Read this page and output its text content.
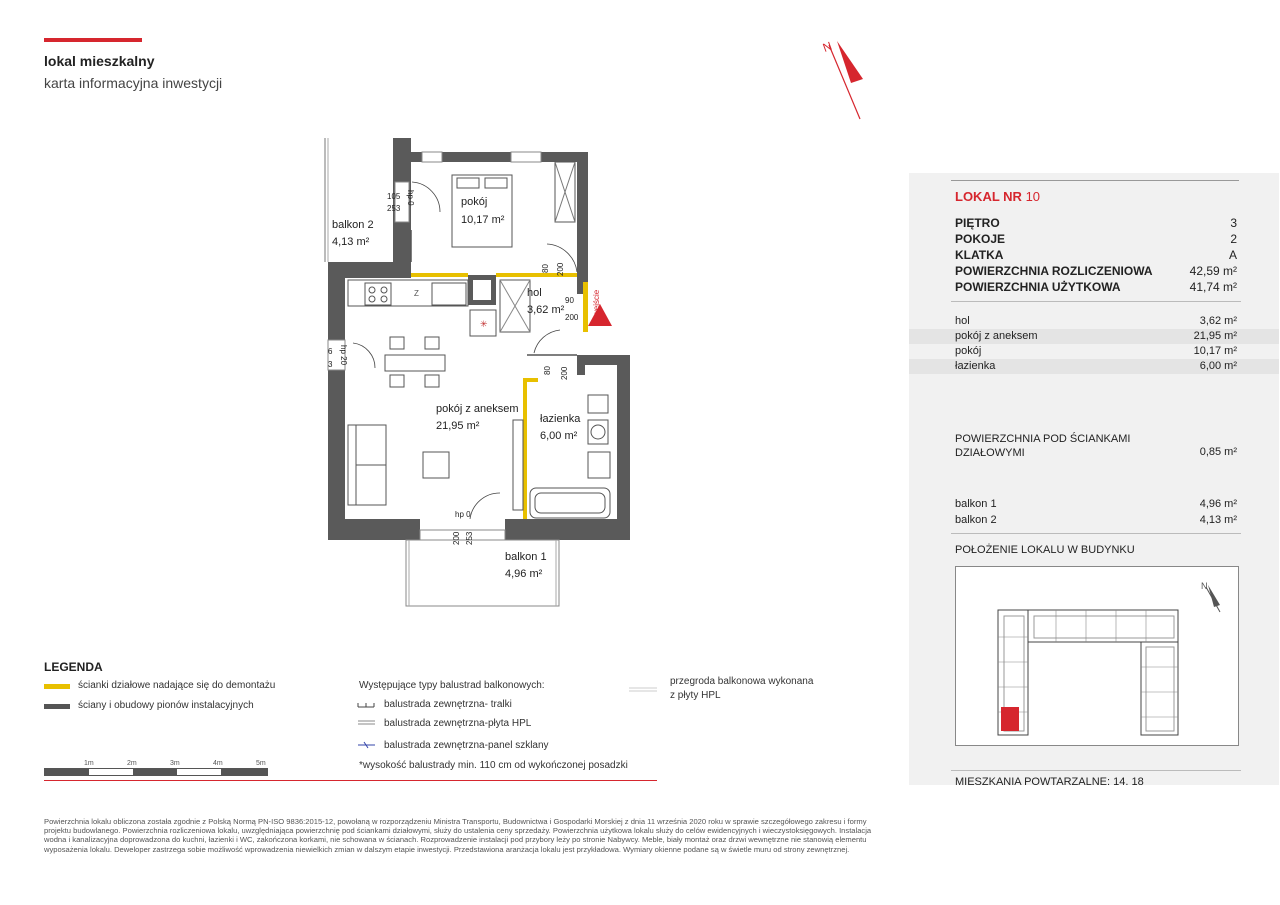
lokal mieszkalny
karta informacyjna inwestycji
N
✳
pokój
10,17 m²
balkon 2
4,13 m²
hol
3,62 m²
pokój z aneksem
21,95 m²
łazienka
6,00 m²
balkon 1
4,96 m²
wejście
105
253
hp 0
80 200
90
200
80 200
hp 20
6
3
hp 0
200 253
Z
LOKAL NR 10
PIĘTRO	3
POKOJE	2
KLATKA	A
POWIERZCHNIA ROZLICZENIOWA	42,59 m²
POWIERZCHNIA UŻYTKOWA	41,74 m²
hol	3,62 m²
pokój z aneksem	21,95 m²
pokój	10,17 m²
łazienka	6,00 m²
POWIERZCHNIA POD ŚCIANKAMI
DZIAŁOWYMI	0,85 m²
balkon 1	4,96 m²
balkon 2	4,13 m²
POŁOŻENIE LOKALU W BUDYNKU
N
MIESZKANIA POWTARZALNE: 14. 18
LEGENDA
ścianki działowe nadające się do demontażu
ściany i obudowy pionów instalacyjnych
Występujące typy balustrad balkonowych:
balustrada zewnętrzna- tralki
balustrada zewnętrzna-płyta HPL
balustrada zewnętrzna-panel szklany
*wysokość balustrady min. 110 cm od wykończonej posadzki
przegroda balkonowa wykonana
z płyty HPL
1m	2m	3m	4m	5m
Powierzchnia lokalu obliczona została zgodnie z Polską Normą PN-ISO 9836:2015-12, powołaną w rozporządzeniu Ministra Transportu, Budownictwa i Gospodarki Morskiej z dnia 11 września 2020 roku w sprawie szczegółowego zakresu i formy projektu budowlanego. Powierzchnia rozliczeniowa lokalu, uwzględniająca powierzchnię pod ściankami działowymi, służy do ustalenia ceny sprzedaży. Powierzchnia użytkowa lokalu służy do celów ewidencyjnych i wieczystoksięgowych. Instalacja wodna i kanalizacyjna doprowadzona do kuchni, łazienki i WC, zakończona korkami, nie schowana w ścianach. Rozprowadzenie instalacji pod przybory leży po stronie Nabywcy. Meble, biały montaż oraz drzwi wewnętrzne nie stanowią elementu wyposażenia lokalu. Deweloper zastrzega sobie możliwość wprowadzenia niewielkich zmian w dalszym etapie inwestycji. Przedstawiona aranżacja lokalu jest przykładowa. Wymiary okienne podane są w świetle muru od strony zewnętrznej.
